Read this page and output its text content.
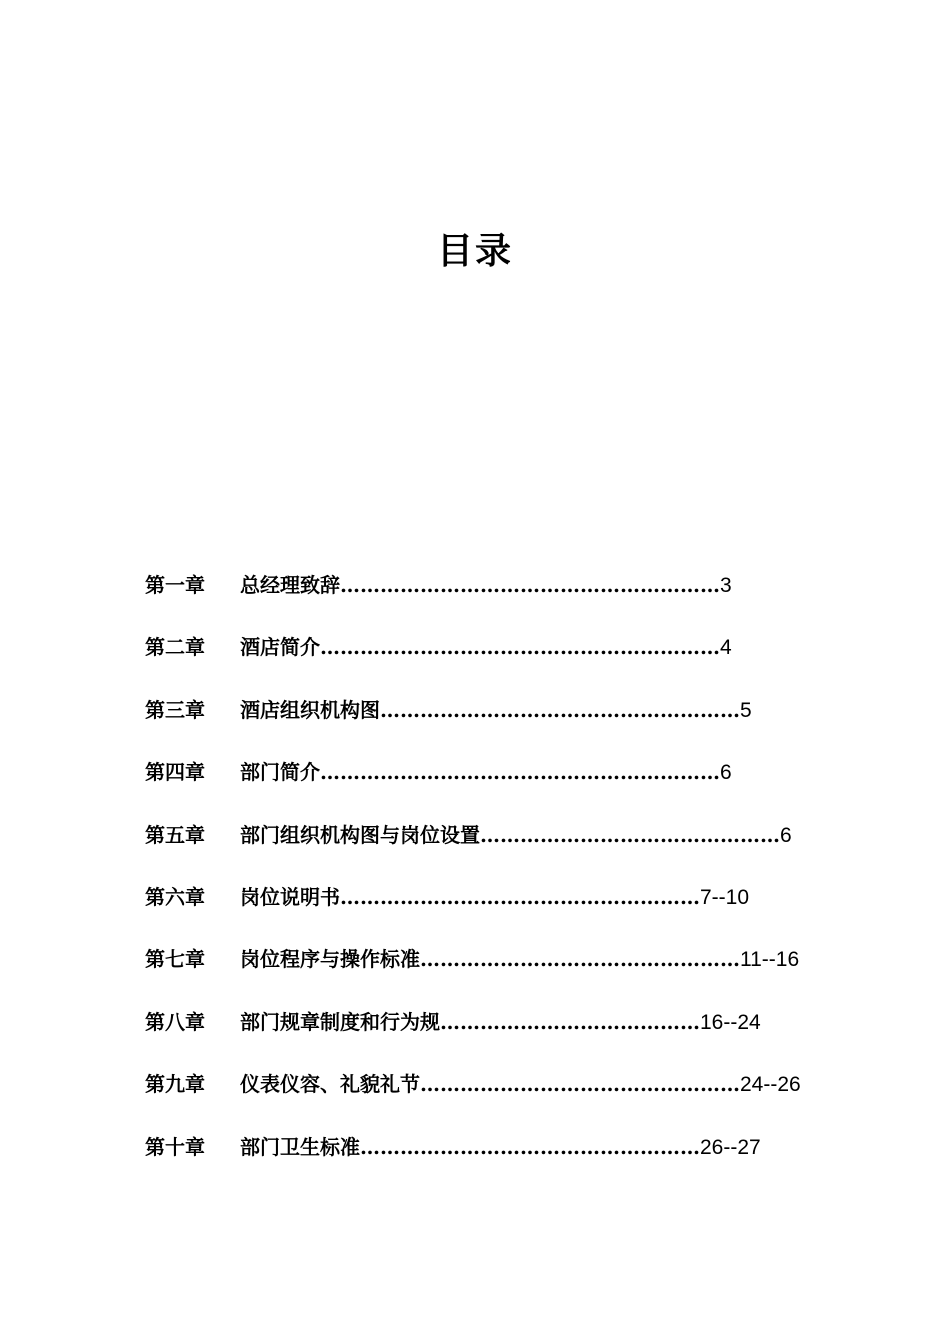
目录
第一章	总经理致辞…………………………………………………3
第二章	酒店简介……………………………………………………4
第三章	酒店组织机构图………………………………………………5
第四章	部门简介……………………………………………………6
第五章	部门组织机构图与岗位设置………………………………………6
第六章	岗位说明书………………………………………………7--10
第七章	岗位程序与操作标准…………………………………………11--16
第八章	部门规章制度和行为规…………………………………16--24
第九章	仪表仪容、礼貌礼节…………………………………………24--26
第十章	部门卫生标准……………………………………………26--27
